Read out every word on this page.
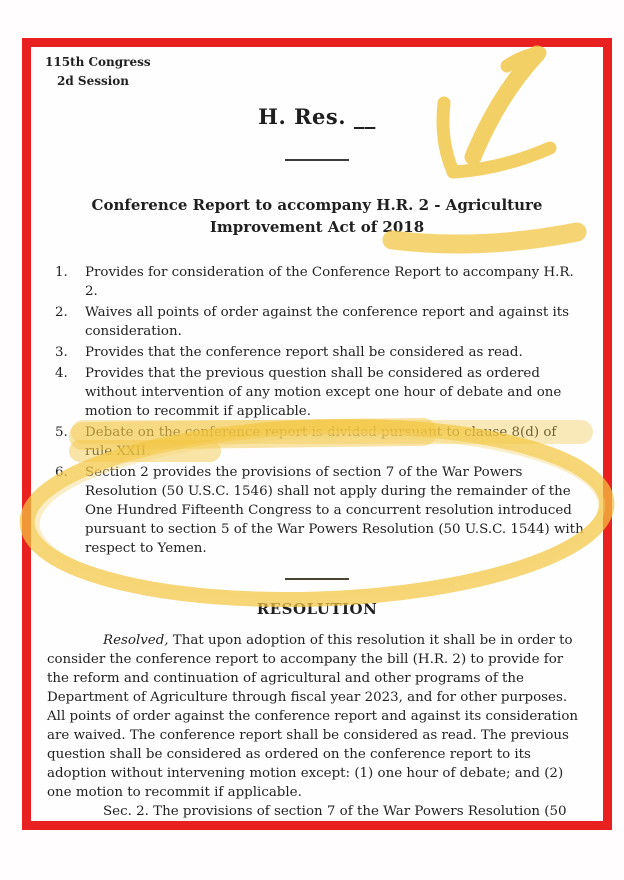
115th Congress
2d Session
H. Res. __
Conference Report to accompany H.R. 2 - Agriculture Improvement Act of 2018
1.	Provides for consideration of the Conference Report to accompany H.R. 2.
2.	Waives all points of order against the conference report and against its consideration.
3.	Provides that the conference report shall be considered as read.
4.	Provides that the previous question shall be considered as ordered without intervention of any motion except one hour of debate and one motion to recommit if applicable.
5.	Debate on the conference report is divided pursuant to clause 8(d) of rule XXII.
6.	Section 2 provides the provisions of section 7 of the War Powers Resolution (50 U.S.C. 1546) shall not apply during the remainder of the One Hundred Fifteenth Congress to a concurrent resolution introduced pursuant to section 5 of the War Powers Resolution (50 U.S.C. 1544) with respect to Yemen.
RESOLUTION

Resolved, That upon adoption of this resolution it shall be in order to consider the conference report to accompany the bill (H.R. 2) to provide for the reform and continuation of agricultural and other programs of the Department of Agriculture through fiscal year 2023, and for other purposes. All points of order against the conference report and against its consideration are waived. The conference report shall be considered as read. The previous question shall be considered as ordered on the conference report to its adoption without intervening motion except: (1) one hour of debate; and (2) one motion to recommit if applicable.

Sec. 2. The provisions of section 7 of the War Powers Resolution (50
